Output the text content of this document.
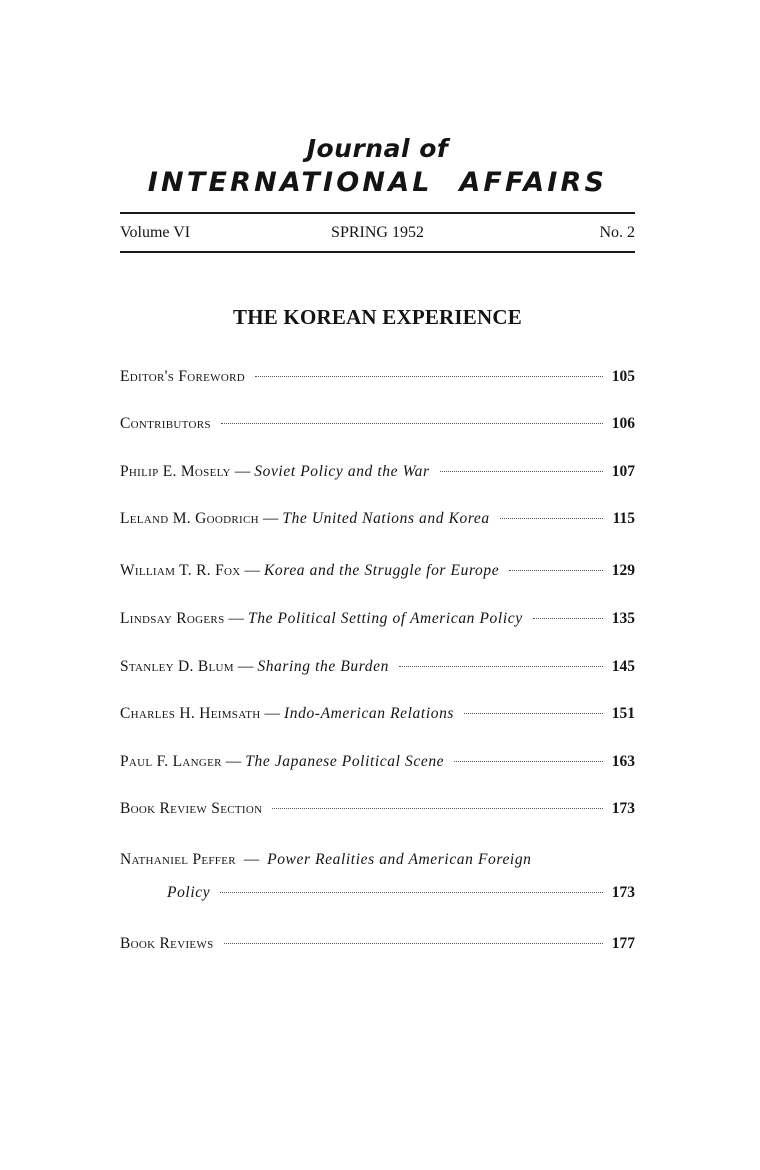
Journal of
INTERNATIONAL AFFAIRS
Volume VI	SPRING 1952	No. 2
THE KOREAN EXPERIENCE
Editor's Foreword	105
Contributors	106
Philip E. Mosely — Soviet Policy and the War	107
Leland M. Goodrich — The United Nations and Korea	115
William T. R. Fox — Korea and the Struggle for Europe	129
Lindsay Rogers — The Political Setting of American Policy	135
Stanley D. Blum — Sharing the Burden	145
Charles H. Heimsath — Indo-American Relations	151
Paul F. Langer — The Japanese Political Scene	163
Book Review Section	173
Nathaniel Peffer — Power Realities and American Foreign
Policy	173
Book Reviews	177
